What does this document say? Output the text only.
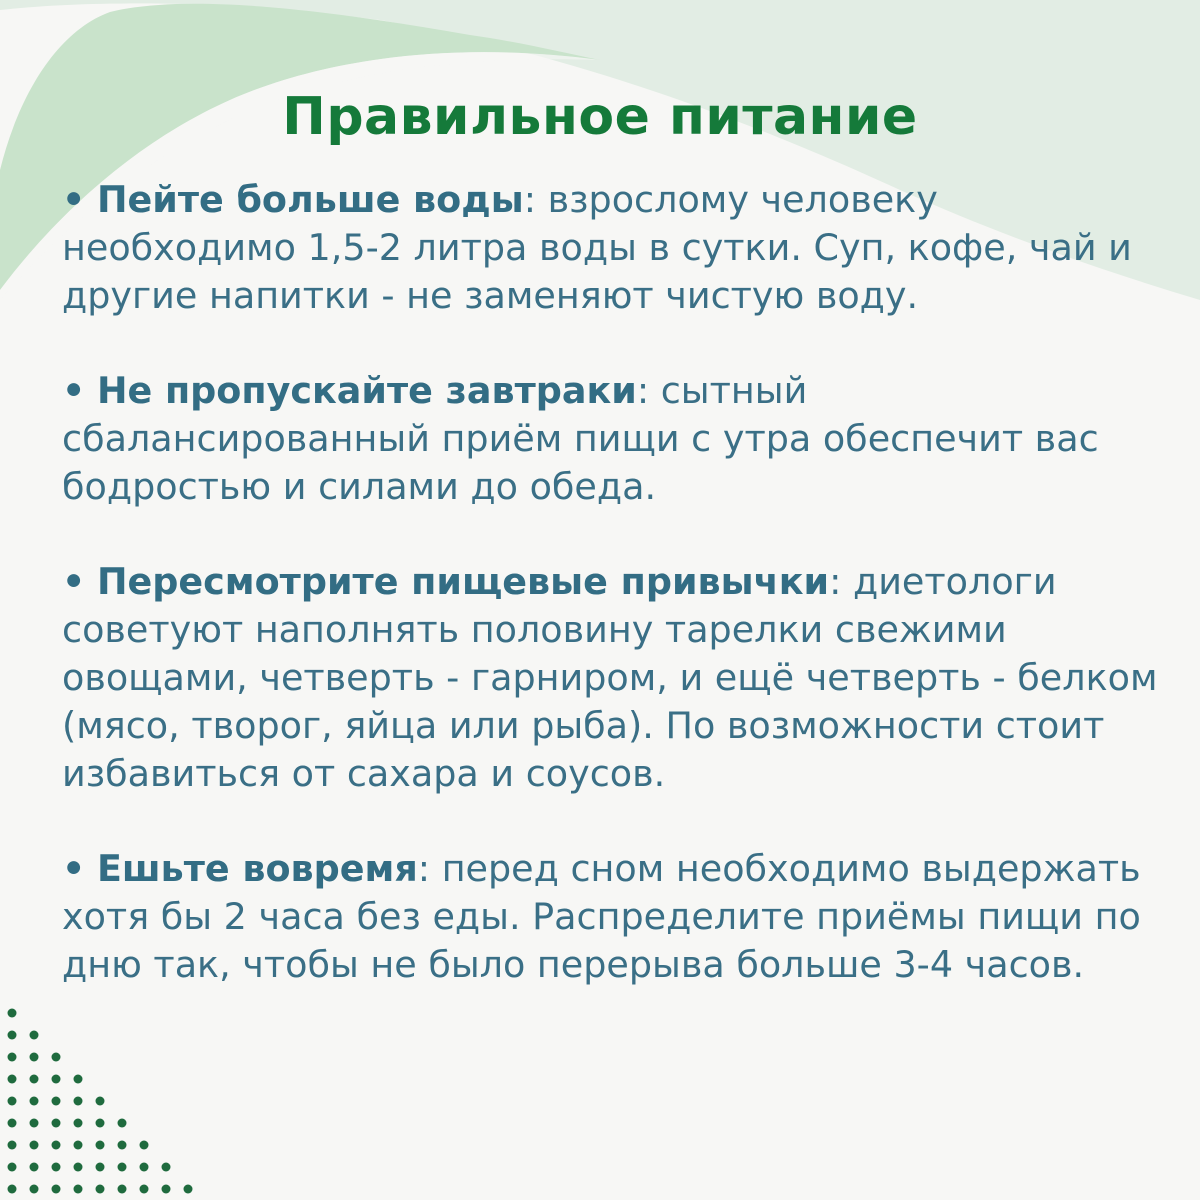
Правильное питание

• Пейте больше воды: взрослому человеку необходимо 1,5-2 литра воды в сутки. Суп, кофе, чай и другие напитки - не заменяют чистую воду.

• Не пропускайте завтраки: сытный сбалансированный приём пищи с утра обеспечит вас бодростью и силами до обеда.

• Пересмотрите пищевые привычки: диетологи советуют наполнять половину тарелки свежими овощами, четверть - гарниром, и ещё четверть - белком (мясо, творог, яйца или рыба). По возможности стоит избавиться от сахара и соусов.

• Ешьте вовремя: перед сном необходимо выдержать хотя бы 2 часа без еды. Распределите приёмы пищи по дню так, чтобы не было перерыва больше 3-4 часов.
